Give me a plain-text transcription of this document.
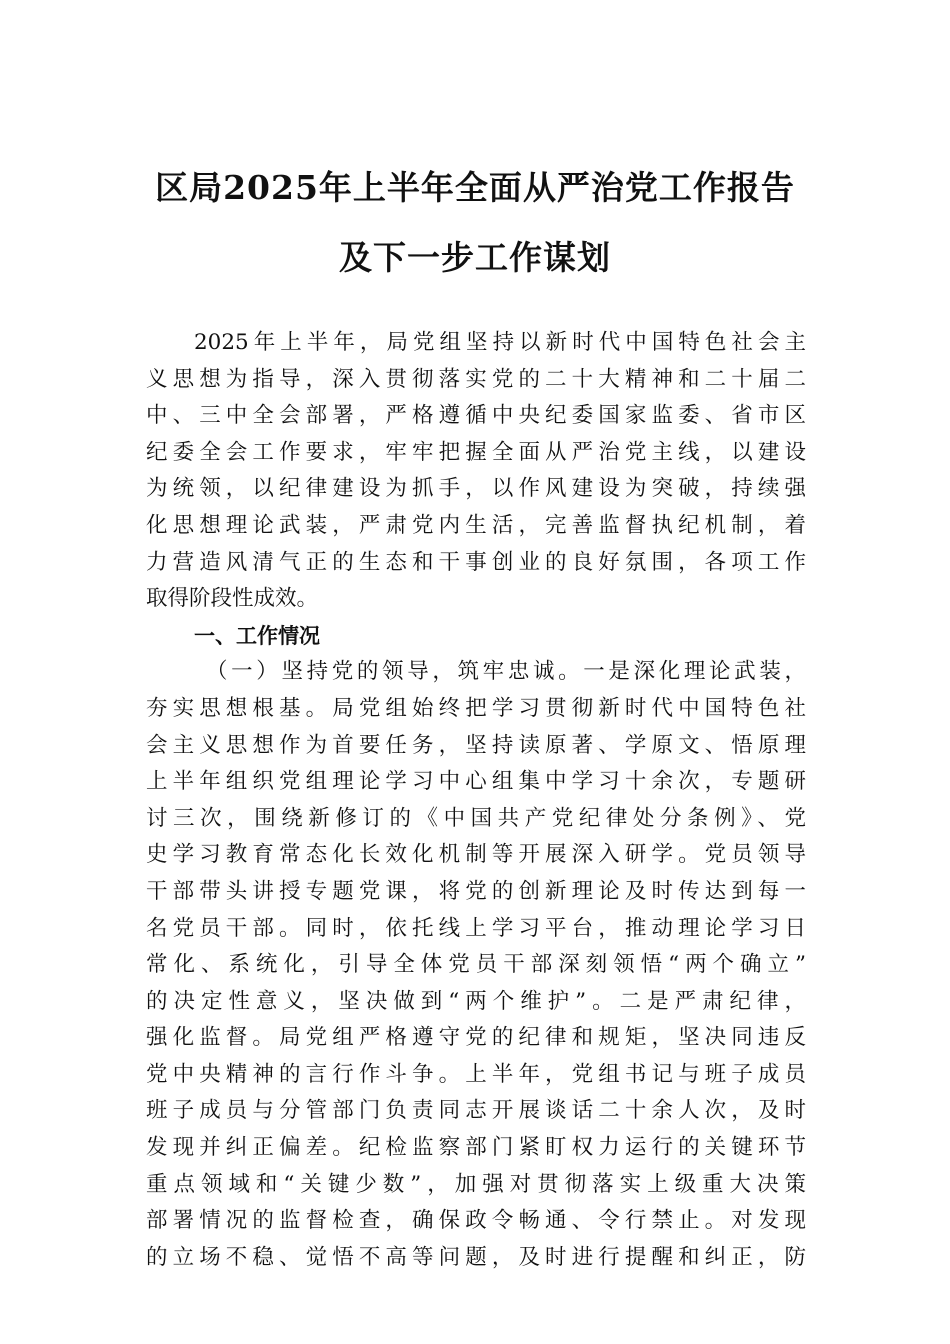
区局2025年上半年全面从严治党工作报告
及下一步工作谋划
2025年上半年，局党组坚持以新时代中国特色社会主
义思想为指导，深入贯彻落实党的二十大精神和二十届二
中、三中全会部署，严格遵循中央纪委国家监委、省市区
纪委全会工作要求，牢牢把握全面从严治党主线，以建设
为统领，以纪律建设为抓手，以作风建设为突破，持续强
化思想理论武装，严肃党内生活，完善监督执纪机制，着
力营造风清气正的生态和干事创业的良好氛围，各项工作
取得阶段性成效。
一、工作情况
（一）坚持党的领导，筑牢忠诚。一是深化理论武装，
夯实思想根基。局党组始终把学习贯彻新时代中国特色社
会主义思想作为首要任务，坚持读原著、学原文、悟原理
上半年组织党组理论学习中心组集中学习十余次，专题研
讨三次，围绕新修订的《中国共产党纪律处分条例》、党
史学习教育常态化长效化机制等开展深入研学。党员领导
干部带头讲授专题党课，将党的创新理论及时传达到每一
名党员干部。同时，依托线上学习平台，推动理论学习日
常化、系统化，引导全体党员干部深刻领悟“两个确立”
的决定性意义，坚决做到“两个维护”。二是严肃纪律，
强化监督。局党组严格遵守党的纪律和规矩，坚决同违反
党中央精神的言行作斗争。上半年，党组书记与班子成员
班子成员与分管部门负责同志开展谈话二十余人次，及时
发现并纠正偏差。纪检监察部门紧盯权力运行的关键环节
重点领域和“关键少数”，加强对贯彻落实上级重大决策
部署情况的监督检查，确保政令畅通、令行禁止。对发现
的立场不稳、觉悟不高等问题，及时进行提醒和纠正，防
